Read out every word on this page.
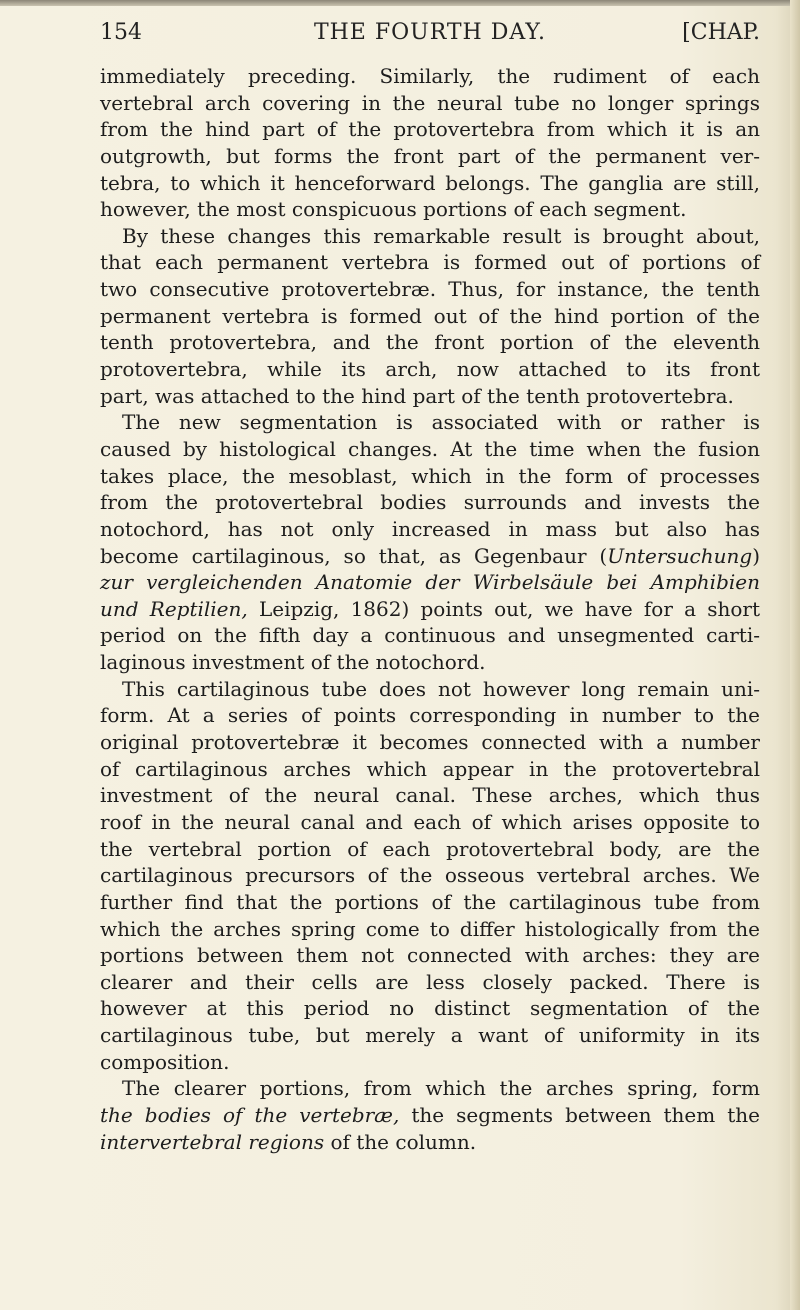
154	THE FOURTH DAY.	[CHAP.
immediately preceding. Similarly, the rudiment of each
vertebral arch covering in the neural tube no longer springs
from the hind part of the protovertebra from which it is an
outgrowth, but forms the front part of the permanent ver-
tebra, to which it henceforward belongs. The ganglia are still,
however, the most conspicuous portions of each segment.
By these changes this remarkable result is brought about,
that each permanent vertebra is formed out of portions of
two consecutive protovertebræ. Thus, for instance, the tenth
permanent vertebra is formed out of the hind portion of the
tenth protovertebra, and the front portion of the eleventh
protovertebra, while its arch, now attached to its front
part, was attached to the hind part of the tenth protovertebra.
The new segmentation is associated with or rather is
caused by histological changes. At the time when the fusion
takes place, the mesoblast, which in the form of processes
from the protovertebral bodies surrounds and invests the
notochord, has not only increased in mass but also has
become cartilaginous, so that, as Gegenbaur (Untersuchung)
zur vergleichenden Anatomie der Wirbelsäule bei Amphibien
und Reptilien, Leipzig, 1862) points out, we have for a short
period on the fifth day a continuous and unsegmented carti-
laginous investment of the notochord.
This cartilaginous tube does not however long remain uni-
form. At a series of points corresponding in number to the
original protovertebræ it becomes connected with a number
of cartilaginous arches which appear in the protovertebral
investment of the neural canal. These arches, which thus
roof in the neural canal and each of which arises opposite to
the vertebral portion of each protovertebral body, are the
cartilaginous precursors of the osseous vertebral arches. We
further find that the portions of the cartilaginous tube from
which the arches spring come to differ histologically from the
portions between them not connected with arches: they are
clearer and their cells are less closely packed. There is
however at this period no distinct segmentation of the
cartilaginous tube, but merely a want of uniformity in its
composition.
The clearer portions, from which the arches spring, form
the bodies of the vertebræ, the segments between them the
intervertebral regions of the column.
